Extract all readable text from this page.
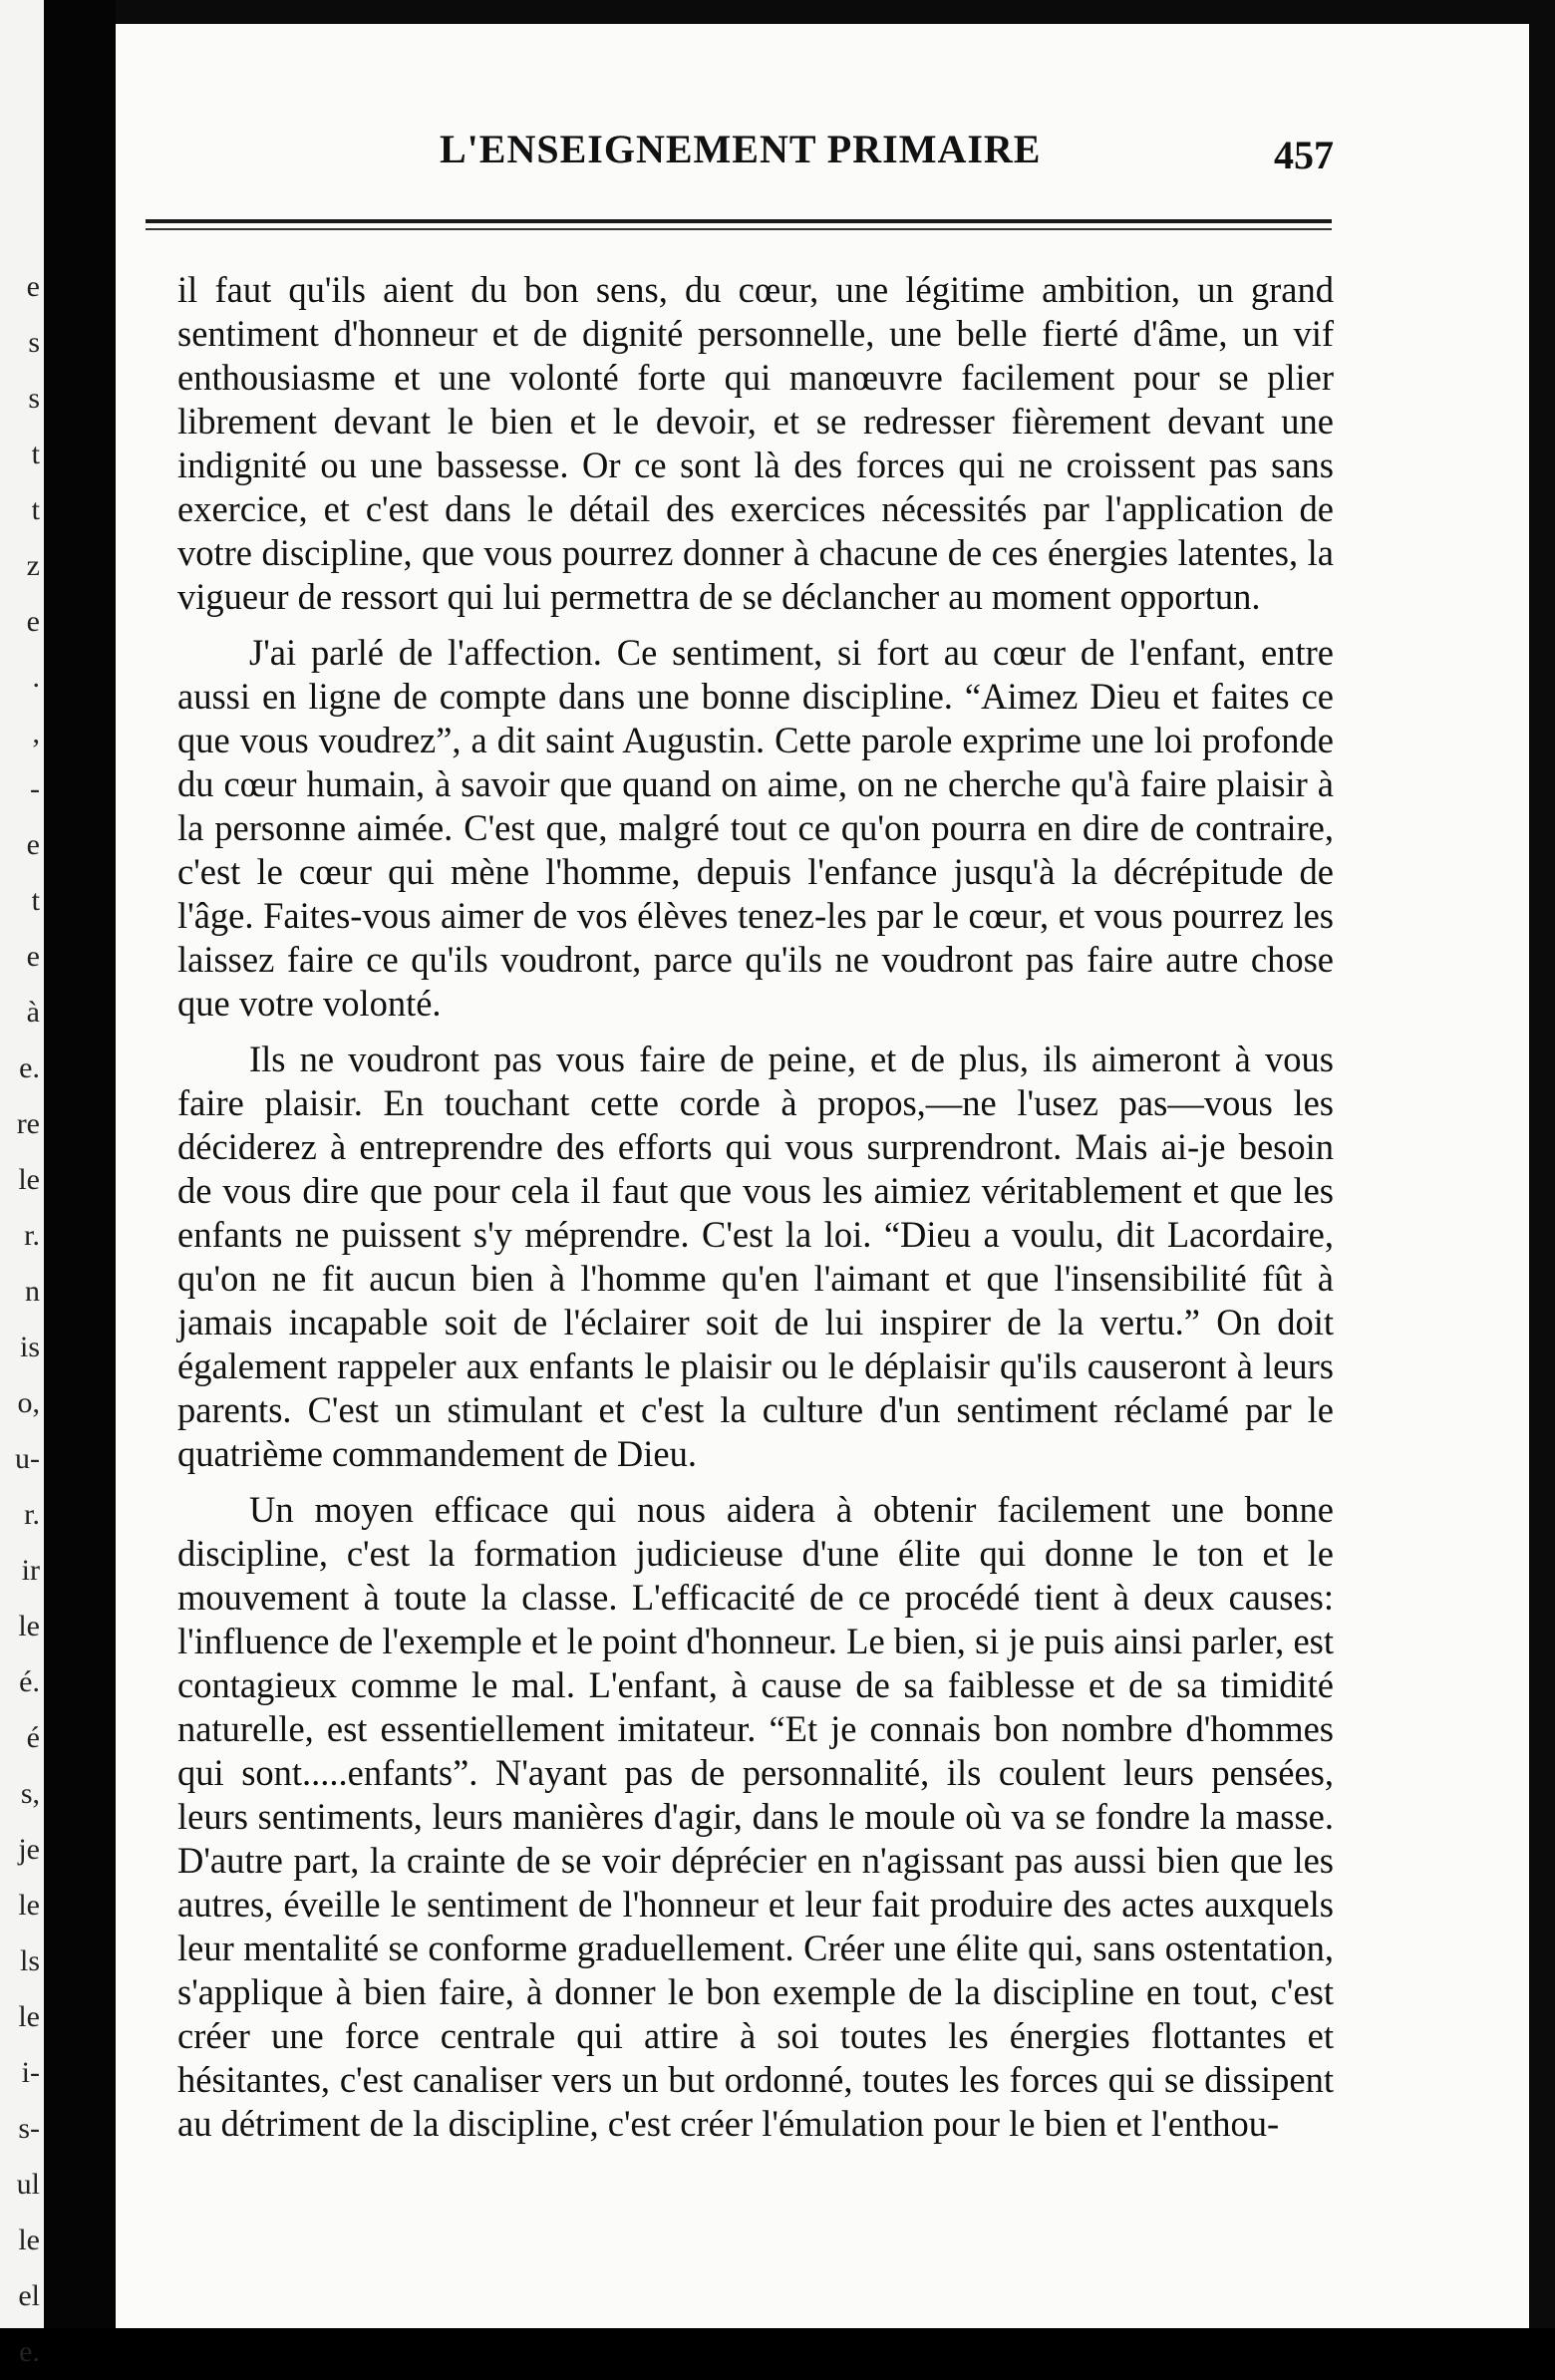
e
s
s
t
t
z
e
.
,
-
e
t
e
à
e.
re
le
r.
n
is
o,
u-
r.
ir
le
é.
é
s,
je
le
ls
le
i-
s-
ul
le
el
e.
L'ENSEIGNEMENT PRIMAIRE	457

il faut qu'ils aient du bon sens, du cœur, une légitime ambition, un grand sentiment d'honneur et de dignité personnelle, une belle fierté d'âme, un vif enthousiasme et une volonté forte qui manœuvre facilement pour se plier librement devant le bien et le devoir, et se redresser fièrement devant une indignité ou une bassesse. Or ce sont là des forces qui ne croissent pas sans exercice, et c'est dans le détail des exercices nécessités par l'application de votre discipline, que vous pourrez donner à chacune de ces énergies latentes, la vigueur de ressort qui lui permettra de se déclancher au moment opportun.

J'ai parlé de l'affection. Ce sentiment, si fort au cœur de l'enfant, entre aussi en ligne de compte dans une bonne discipline. “Aimez Dieu et faites ce que vous voudrez”, a dit saint Augustin. Cette parole exprime une loi profonde du cœur humain, à savoir que quand on aime, on ne cherche qu'à faire plaisir à la personne aimée. C'est que, malgré tout ce qu'on pourra en dire de contraire, c'est le cœur qui mène l'homme, depuis l'enfance jusqu'à la décrépitude de l'âge. Faites-vous aimer de vos élèves tenez-les par le cœur, et vous pourrez les laissez faire ce qu'ils voudront, parce qu'ils ne voudront pas faire autre chose que votre volonté.

Ils ne voudront pas vous faire de peine, et de plus, ils aimeront à vous faire plaisir. En touchant cette corde à propos,—ne l'usez pas—vous les déciderez à entreprendre des efforts qui vous surprendront. Mais ai-je besoin de vous dire que pour cela il faut que vous les aimiez véritablement et que les enfants ne puissent s'y méprendre. C'est la loi. “Dieu a voulu, dit Lacordaire, qu'on ne fit aucun bien à l'homme qu'en l'aimant et que l'insensibilité fût à jamais incapable soit de l'éclairer soit de lui inspirer de la vertu.” On doit également rappeler aux enfants le plaisir ou le déplaisir qu'ils causeront à leurs parents. C'est un stimulant et c'est la culture d'un sentiment réclamé par le quatrième commandement de Dieu.

Un moyen efficace qui nous aidera à obtenir facilement une bonne discipline, c'est la formation judicieuse d'une élite qui donne le ton et le mouvement à toute la classe. L'efficacité de ce procédé tient à deux causes: l'influence de l'exemple et le point d'honneur. Le bien, si je puis ainsi parler, est contagieux comme le mal. L'enfant, à cause de sa faiblesse et de sa timidité naturelle, est essentiellement imitateur. “Et je connais bon nombre d'hommes qui sont.....enfants”. N'ayant pas de personnalité, ils coulent leurs pensées, leurs sentiments, leurs manières d'agir, dans le moule où va se fondre la masse. D'autre part, la crainte de se voir déprécier en n'agissant pas aussi bien que les autres, éveille le sentiment de l'honneur et leur fait produire des actes auxquels leur mentalité se conforme graduellement. Créer une élite qui, sans ostentation, s'applique à bien faire, à donner le bon exemple de la discipline en tout, c'est créer une force centrale qui attire à soi toutes les énergies flottantes et hésitantes, c'est canaliser vers un but ordonné, toutes les forces qui se dissipent au détriment de la discipline, c'est créer l'émulation pour le bien et l'enthou-
